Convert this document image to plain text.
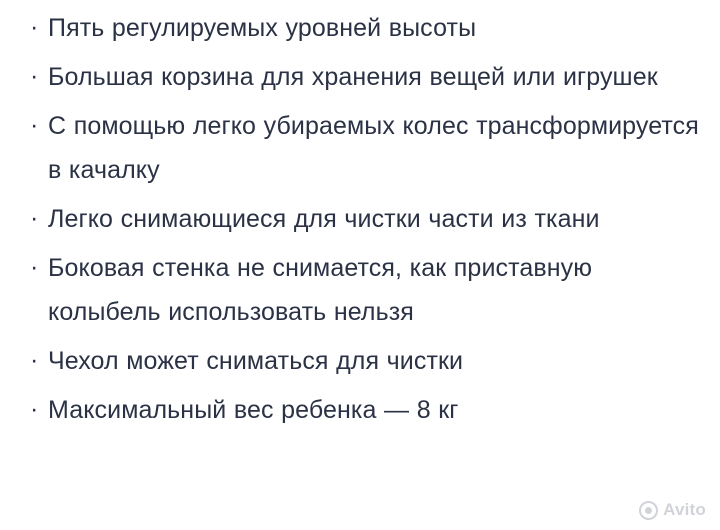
· Пять регулируемых уровней высоты
· Большая корзина для хранения вещей или игрушек
· С помощью легко убираемых колес трансформируется в качалку
· Легко снимающиеся для чистки части из ткани
· Боковая стенка не снимается, как приставную колыбель использовать нельзя
· Чехол может сниматься для чистки
· Максимальный вес ребенка — 8 кг
Avito
